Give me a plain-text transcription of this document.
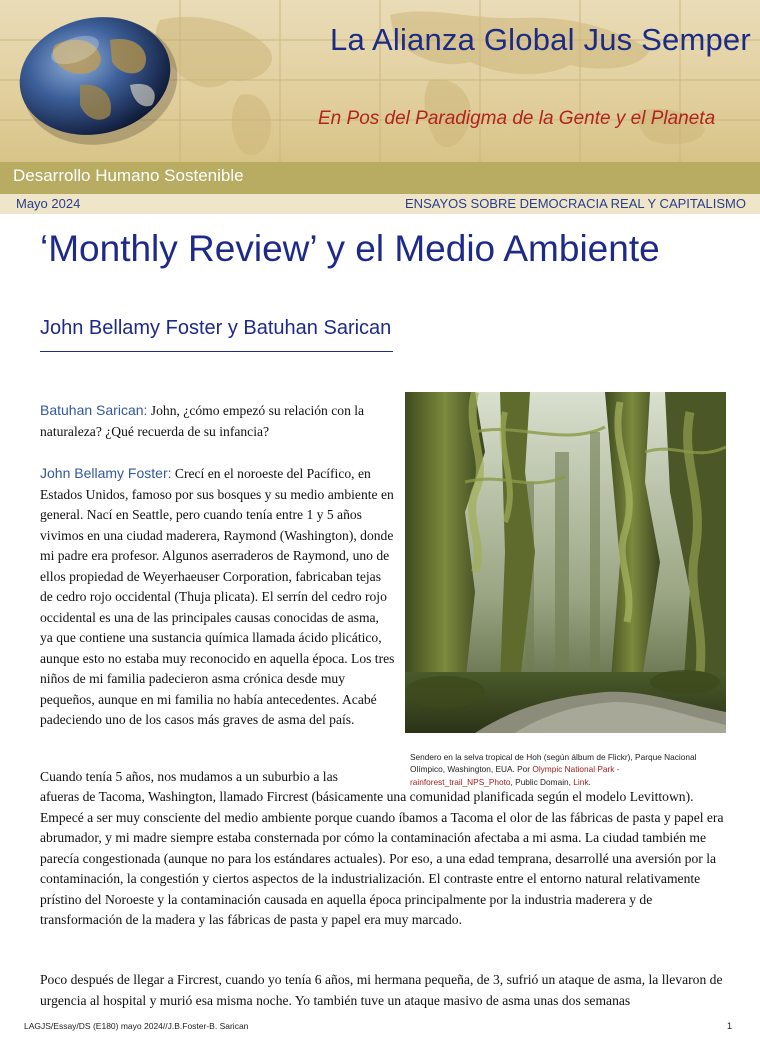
La Alianza Global Jus Semper
En Pos del Paradigma de la Gente y el Planeta
Desarrollo Humano Sostenible
Mayo 2024	ENSAYOS SOBRE DEMOCRACIA REAL Y CAPITALISMO
‘Monthly Review’ y el Medio Ambiente
John Bellamy Foster y Batuhan Sarican

Batuhan Sarican: John, ¿cómo empezó su relación con la naturaleza? ¿Qué recuerda de su infancia?

John Bellamy Foster: Crecí en el noroeste del Pacífico, en Estados Unidos, famoso por sus bosques y su medio ambiente en general. Nací en Seattle, pero cuando tenía entre 1 y 5 años vivimos en una ciudad maderera, Raymond (Washington), donde mi padre era profesor. Algunos aserraderos de Raymond, uno de ellos propiedad de Weyerhaeuser Corporation, fabricaban tejas de cedro rojo occidental (Thuja plicata). El serrín del cedro rojo occidental es una de las principales causas conocidas de asma, ya que contiene una sustancia química llamada ácido plicático, aunque esto no estaba muy reconocido en aquella época. Los tres niños de mi familia padecieron asma crónica desde muy pequeños, aunque en mi familia no había antecedentes. Acabé padeciendo uno de los casos más graves de asma del país.

Cuando tenía 5 años, nos mudamos a un suburbio a las

afueras de Tacoma, Washington, llamado Fircrest (básicamente una comunidad planificada según el modelo Levittown). Empecé a ser muy consciente del medio ambiente porque cuando íbamos a Tacoma el olor de las fábricas de pasta y papel era abrumador, y mi madre siempre estaba consternada por cómo la contaminación afectaba a mi asma. La ciudad también me parecía congestionada (aunque no para los estándares actuales). Por eso, a una edad temprana, desarrollé una aversión por la contaminación, la congestión y ciertos aspectos de la industrialización. El contraste entre el entorno natural relativamente prístino del Noroeste y la contaminación causada en aquella época principalmente por la industria maderera y de transformación de la madera y las fábricas de pasta y papel era muy marcado.

Poco después de llegar a Fircrest, cuando yo tenía 6 años, mi hermana pequeña, de 3, sufrió un ataque de asma, la llevaron de urgencia al hospital y murió esa misma noche. Yo también tuve un ataque masivo de asma unas dos semanas

Sendero en la selva tropical de Hoh (según álbum de Flickr), Parque Nacional Olímpico, Washington, EUA. Por Olympic National Park - rainforest_trail_NPS_Photo, Public Domain, Link.
LAGJS/Essay/DS (E180) mayo 2024//J.B.Foster-B. Sarican	1
